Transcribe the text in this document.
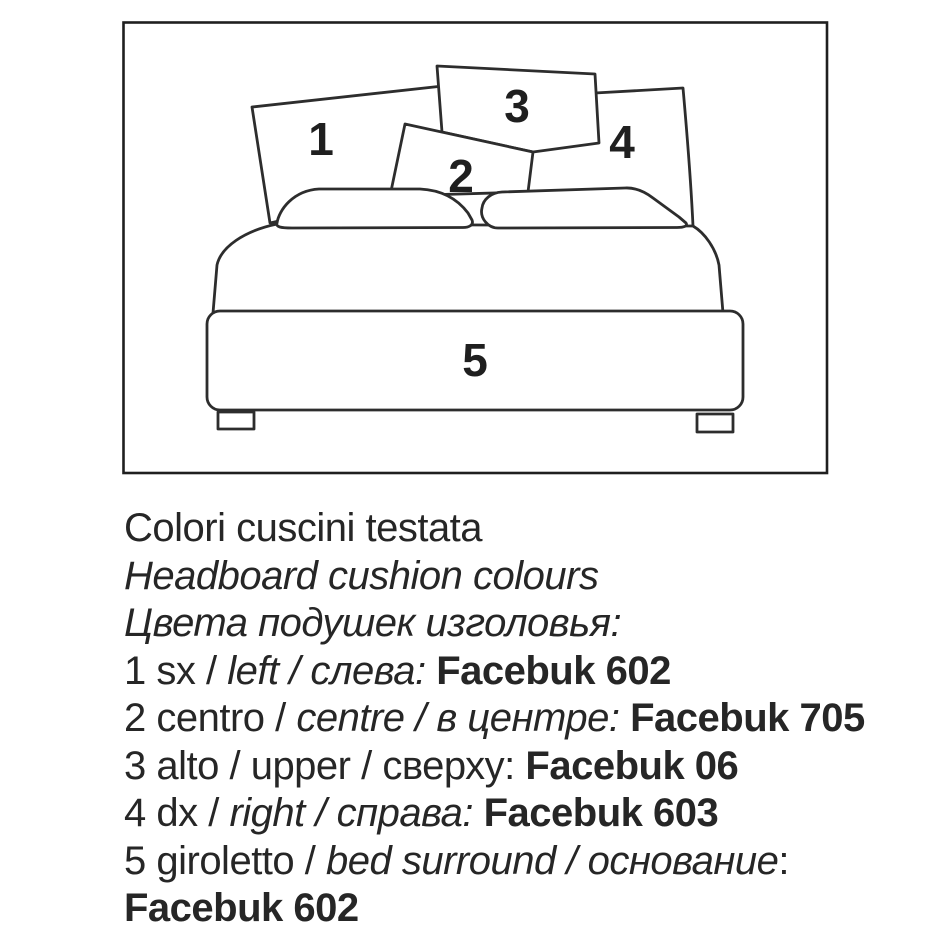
1
2
3
4
5

Colori cuscini testata

Headboard cushion colours

Цвета подушек изголовья:

1 sx / left / слева: Facebuk 602

2 centro / centre / в центре: Facebuk 705

3 alto / upper / сверху: Facebuk 06

4 dx / right / справа: Facebuk 603

5 giroletto / bed surround / основание:

Facebuk 602
